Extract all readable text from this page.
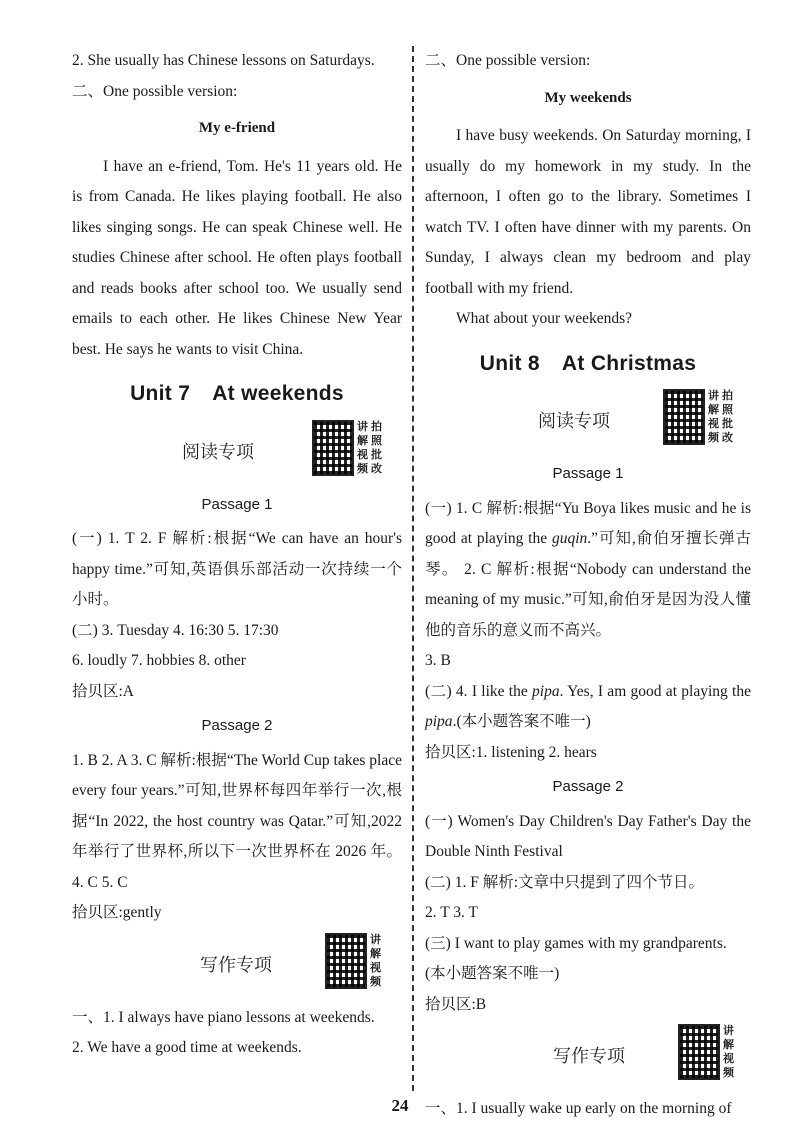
2. She usually has Chinese lessons on Saturdays.

二、One possible version:

My e-friend

I have an e-friend, Tom. He's 11 years old. He is from Canada. He likes playing football. He also likes singing songs. He can speak Chinese well. He studies Chinese after school. He often plays football and reads books after school too. We usually send emails to each other. He likes Chinese New Year best. He says he wants to visit China.

Unit 7 At weekends
阅读专项
讲 拍
解 照
视 批
频 改

Passage 1

(一) 1. T 2. F 解析:根据“We can have an hour's happy time.”可知,英语俱乐部活动一次持续一个小时。

(二) 3. Tuesday 4. 16:30 5. 17:30

6. loudly 7. hobbies 8. other

拾贝区:A

Passage 2

1. B 2. A 3. C 解析:根据“The World Cup takes place every four years.”可知,世界杯每四年举行一次,根据“In 2022, the host country was Qatar.”可知,2022 年举行了世界杯,所以下一次世界杯在 2026 年。 4. C 5. C

拾贝区:gently

写作专项
讲
解
视
频

一、1. I always have piano lessons at weekends.

2. We have a good time at weekends.

二、One possible version:

My weekends

I have busy weekends. On Saturday morning, I usually do my homework in my study. In the afternoon, I often go to the library. Sometimes I watch TV. I often have dinner with my parents. On Sunday, I always clean my bedroom and play football with my friend.

What about your weekends?

Unit 8 At Christmas
阅读专项
讲 拍
解 照
视 批
频 改

Passage 1

(一) 1. C 解析:根据“Yu Boya likes music and he is good at playing the guqin.”可知,俞伯牙擅长弹古琴。 2. C 解析:根据“Nobody can understand the meaning of my music.”可知,俞伯牙是因为没人懂他的音乐的意义而不高兴。

3. B

(二) 4. I like the pipa. Yes, I am good at playing the pipa.(本小题答案不唯一)

拾贝区:1. listening 2. hears

Passage 2

(一) Women's Day Children's Day Father's Day the Double Ninth Festival

(二) 1. F 解析:文章中只提到了四个节日。

2. T 3. T

(三) I want to play games with my grandparents. (本小题答案不唯一)

拾贝区:B

写作专项
讲
解
视
频

一、1. I usually wake up early on the morning of

24
